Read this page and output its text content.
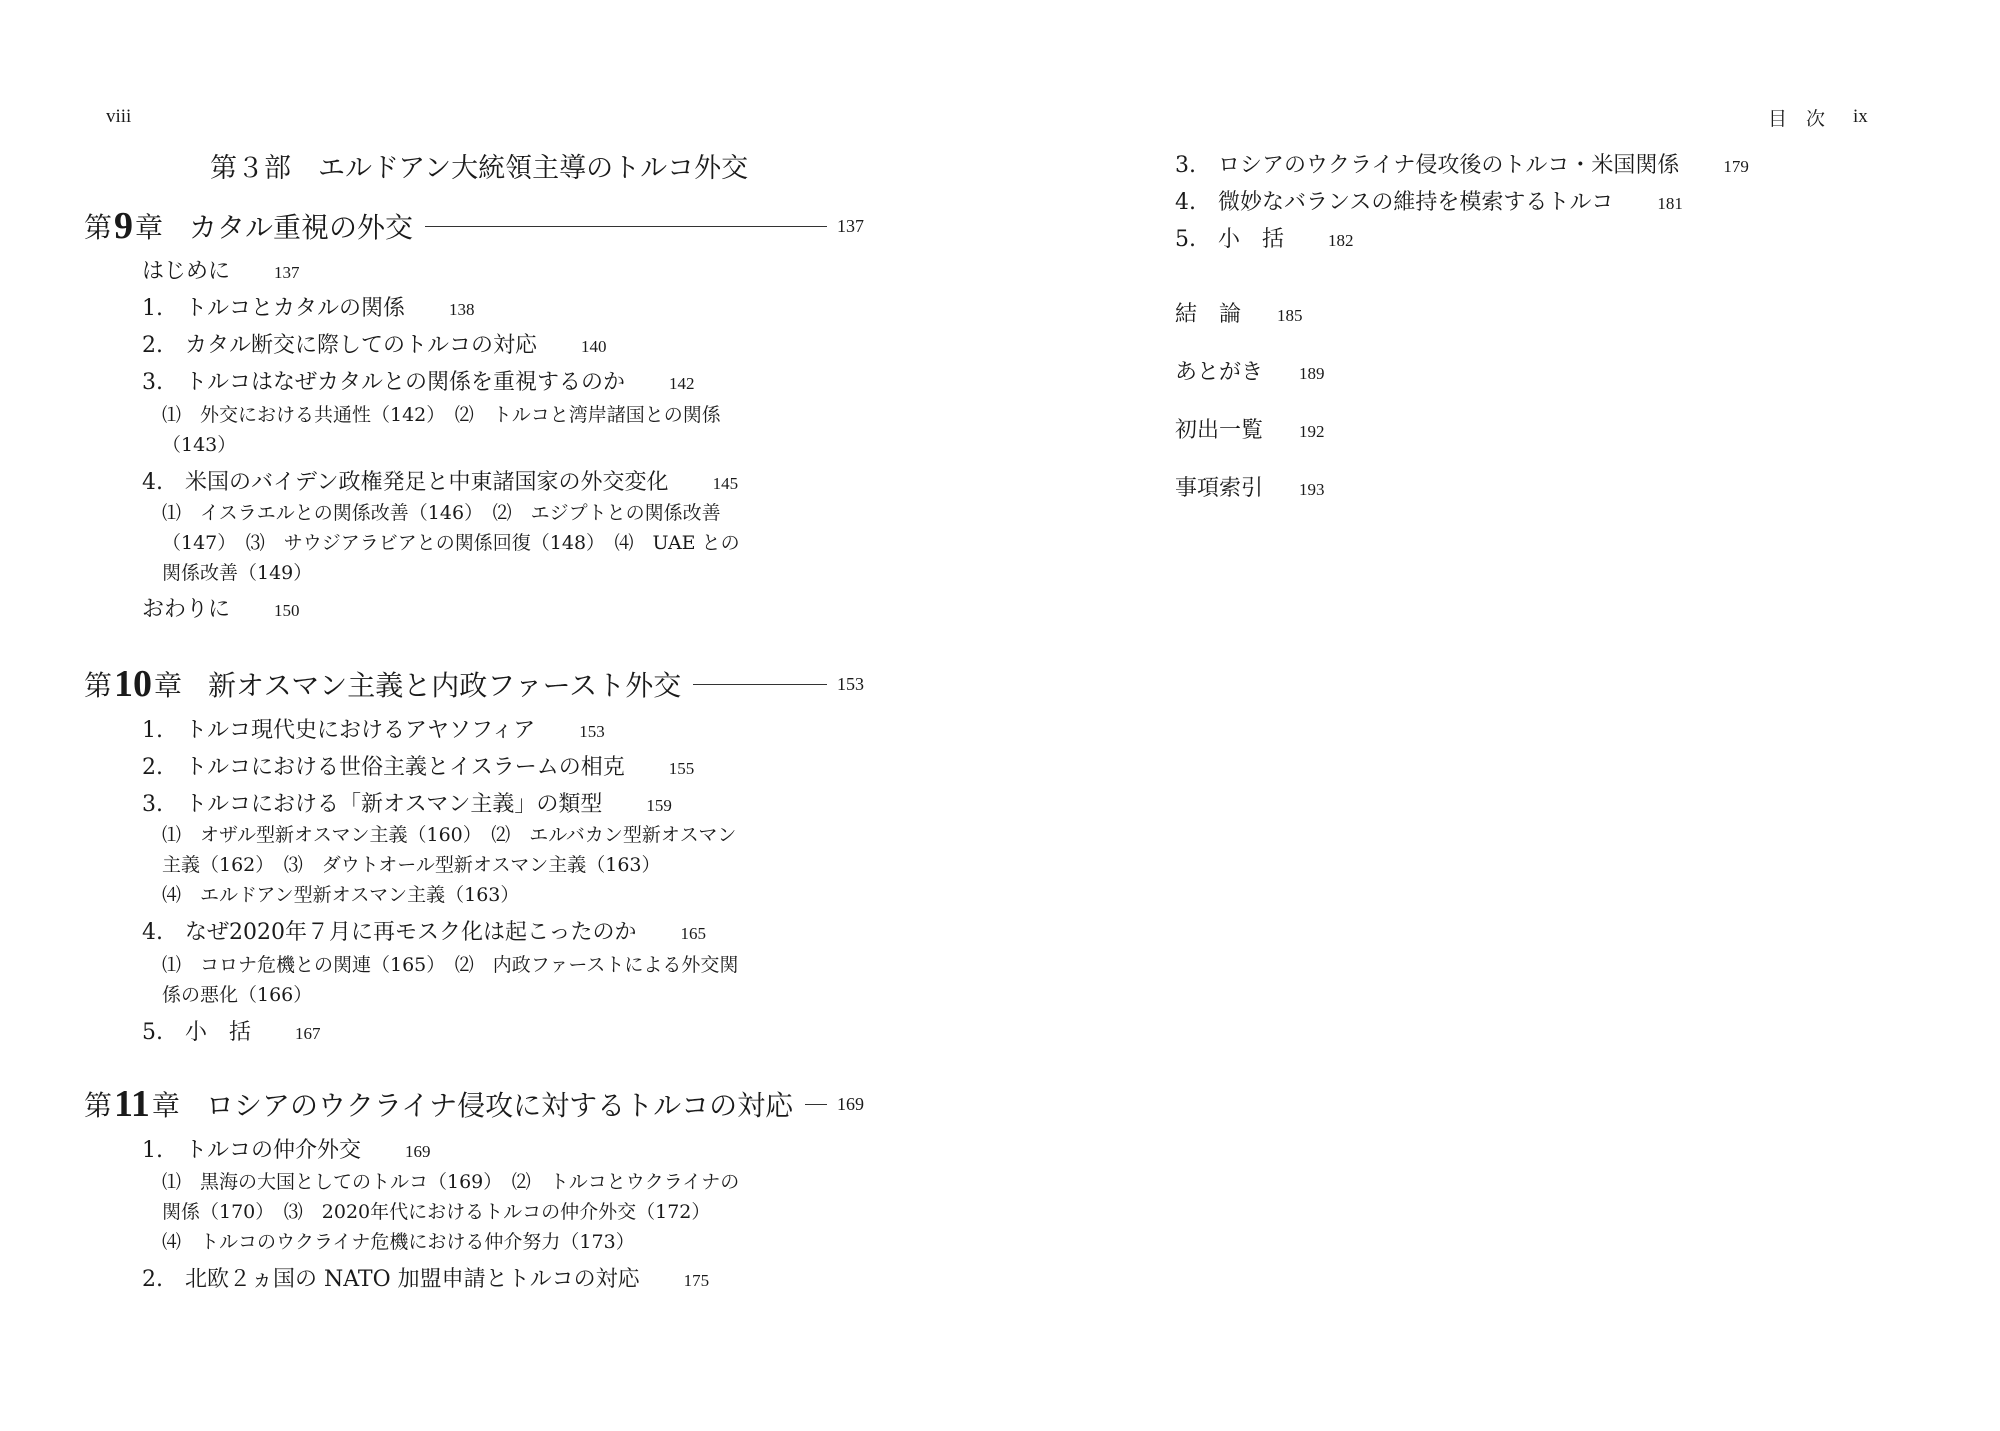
viii
第３部　エルドアン大統領主導のトルコ外交
第 9 章 カタル重視の外交	137
はじめに	137
1.　トルコとカタルの関係	138
2.　カタル断交に際してのトルコの対応	140
3.　トルコはなぜカタルとの関係を重視するのか	142
⑴　外交における共通性（142）　⑵　トルコと湾岸諸国との関係
（143）
4.　米国のバイデン政権発足と中東諸国家の外交変化	145
⑴　イスラエルとの関係改善（146）　⑵　エジプトとの関係改善
（147）　⑶　サウジアラビアとの関係回復（148）　⑷　UAE との
関係改善（149）
おわりに	150
第 10 章 新オスマン主義と内政ファースト外交	153
1.　トルコ現代史におけるアヤソフィア	153
2.　トルコにおける世俗主義とイスラームの相克	155
3.　トルコにおける「新オスマン主義」の類型	159
⑴　オザル型新オスマン主義（160）　⑵　エルバカン型新オスマン
主義（162）　⑶　ダウトオール型新オスマン主義（163）
⑷　エルドアン型新オスマン主義（163）
4.　なぜ2020年７月に再モスク化は起こったのか	165
⑴　コロナ危機との関連（165）　⑵　内政ファーストによる外交関
係の悪化（166）
5.　小　括	167
第 11 章 ロシアのウクライナ侵攻に対するトルコの対応 169
1.　トルコの仲介外交	169
⑴　黒海の大国としてのトルコ（169）　⑵　トルコとウクライナの
関係（170）　⑶　2020年代におけるトルコの仲介外交（172）
⑷　トルコのウクライナ危機における仲介努力（173）
2.　北欧２ヵ国の NATO 加盟申請とトルコの対応	175
目　次 ix
3.　ロシアのウクライナ侵攻後のトルコ・米国関係	179
4.　微妙なバランスの維持を模索するトルコ	181
5.　小　括	182
結　論 185
あとがき 189
初出一覧 192
事項索引 193
